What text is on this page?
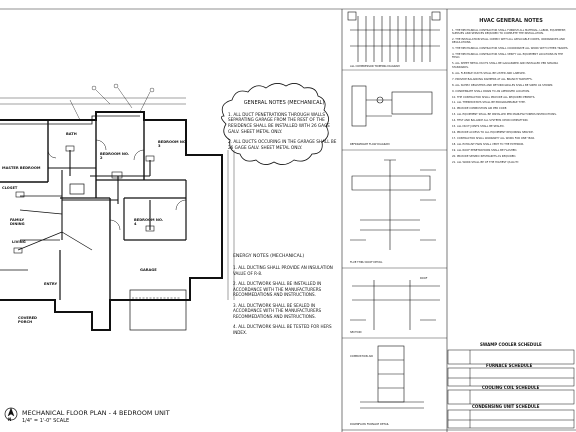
MASTER BEDROOM
CLOSET
BATH
FAMILY DINING
LIVING
ENTRY
COVERED PORCH
BEDROOM NO. 2
BEDROOM NO. 3
BEDROOM NO. 4
GARAGE
MECHANICAL FLOOR PLAN - 4 BEDROOM UNIT
1/4" = 1'-0" SCALE
N

GENERAL NOTES (MECHANICAL)

1. ALL DUCT PENETRATIONS THROUGH WALLS SEPARATING GARAGE FROM THE REST OF THE RESIDENCE SHALL BE INSTALLED WITH 26 GAGE GALV. SHEET METAL ONLY.

2. ALL DUCTS OCCURING IN THE GARAGE SHALL BE 26 GAGE GALV. SHEET METAL ONLY.

ENERGY NOTES (MECHANICAL)

1. ALL DUCTING SHALL PROVIDE AN INSULATION VALUE OF R-8.

2. ALL DUCTWORK SHALL BE INSTALLED IN ACCORDANCE WITH THE MANUFACTURERS RECOMMEDATIONS AND INSTRUCTIONS.

3. ALL DUCTWORK SHALL BE SEALED IN ACCORDANCE WITH THE MANUFACTURERS RECOMMEDATIONS AND INSTRUCTIONS.

4. ALL DUCTWORK SHALL BE TESTED FOR HERS INDEX.

ALL COMPRESSOR TRIPPING DIAGRAM
REFRIGERANT FLOW DIAGRAM
FLUE THRU ROOF DETAIL
DOWNFLOW FURNACE DETAIL
SECTION
ROOF
COMBUSTION AIR

HVAC GENERAL NOTES

1. THE MECHANICAL CONTRACTOR SHALL FURNISH ALL MATERIAL, LABOR, EQUIPMENT, SUPPLIES AND SERVICES REQUIRED TO COMPLETE THE INSTALLATION.

2. THE INSTALLATION SHALL COMPLY WITH ALL APPLICABLE CODES, ORDINANCES AND REGULATIONS.

3. THE MECHANICAL CONTRACTOR SHALL COORDINATE ALL WORK WITH OTHER TRADES.

4. THE MECHANICAL CONTRACTOR SHALL VERIFY ALL EQUIPMENT LOCATIONS IN THE FIELD.

5. ALL SHEET METAL DUCTS SHALL BE GALVANIZED AND INSTALLED PER SMACNA STANDARDS.

6. ALL FLEXIBLE DUCTS SHALL BE LISTED AND LABELED.

7. PROVIDE BALANCING DAMPERS AT ALL BRANCH TAKEOFFS.

8. ALL SUPPLY REGISTERS AND RETURN GRILLES SHALL BE SIZED AS SHOWN.

9. CONDENSATE SHALL DRAIN TO AN APPROVED LOCATION.

10. THE CONTRACTOR SHALL PROVIDE ALL REQUIRED PERMITS.

11. ALL THERMOSTATS SHALL BE PROGRAMMABLE TYPE.

12. PROVIDE COMBUSTION AIR PER CODE.

13. ALL EQUIPMENT SHALL BE INSTALLED PER MANUFACTURERS INSTRUCTIONS.

14. TEST AND BALANCE ALL SYSTEMS UPON COMPLETION.

15. ALL DUCT JOINTS SHALL BE SEALED.

16. PROVIDE ACCESS TO ALL EQUIPMENT REQUIRING SERVICE.

17. CONTRACTOR SHALL WARRANTY ALL WORK FOR ONE YEAR.

18. ALL EXHAUST FANS SHALL VENT TO THE EXTERIOR.

19. ALL ROOF PENETRATIONS SHALL BE FLASHED.

20. PROVIDE SEISMIC RESTRAINTS AS REQUIRED.

21. ALL WORK SHALL BE OF THE HIGHEST QUALITY.

SWAMP COOLER SCHEDULE
FURNACE SCHEDULE
COOLING COIL SCHEDULE
CONDENSING UNIT SCHEDULE
